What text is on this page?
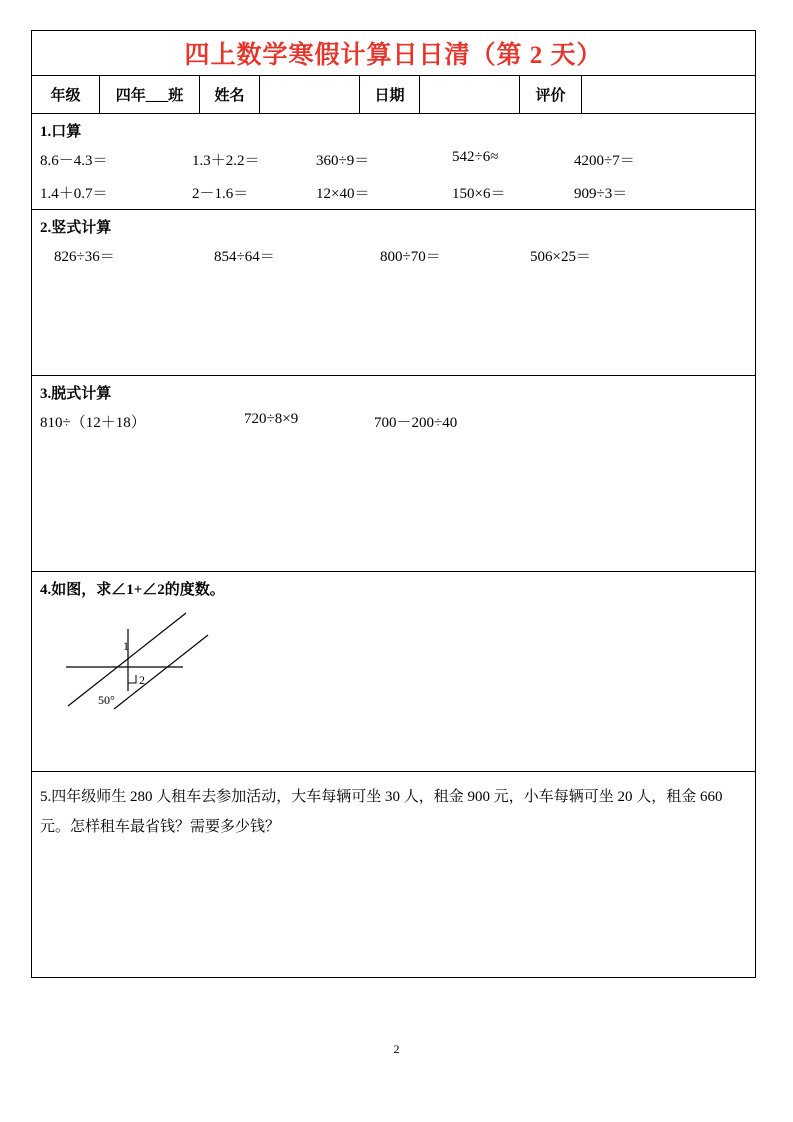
四上数学寒假计算日日清（第 2 天）
年级	四年___班	姓名	日期	评价
1.口算
8.6－4.3＝	1.3＋2.2＝	360÷9＝	542÷6≈	4200÷7＝
1.4＋0.7＝	2－1.6＝	12×40＝	150×6＝	909÷3＝
2.竖式计算
826÷36＝	854÷64＝	800÷70＝	506×25＝
3.脱式计算
810÷（12＋18）	720÷8×9	700－200÷40
4.如图，求∠1+∠2的度数。
1
2
50°
5.四年级师生 280 人租车去参加活动，大车每辆可坐 30 人，租金 900 元，小车每辆可坐 20 人，租金 660 元。怎样租车最省钱？需要多少钱？
2
